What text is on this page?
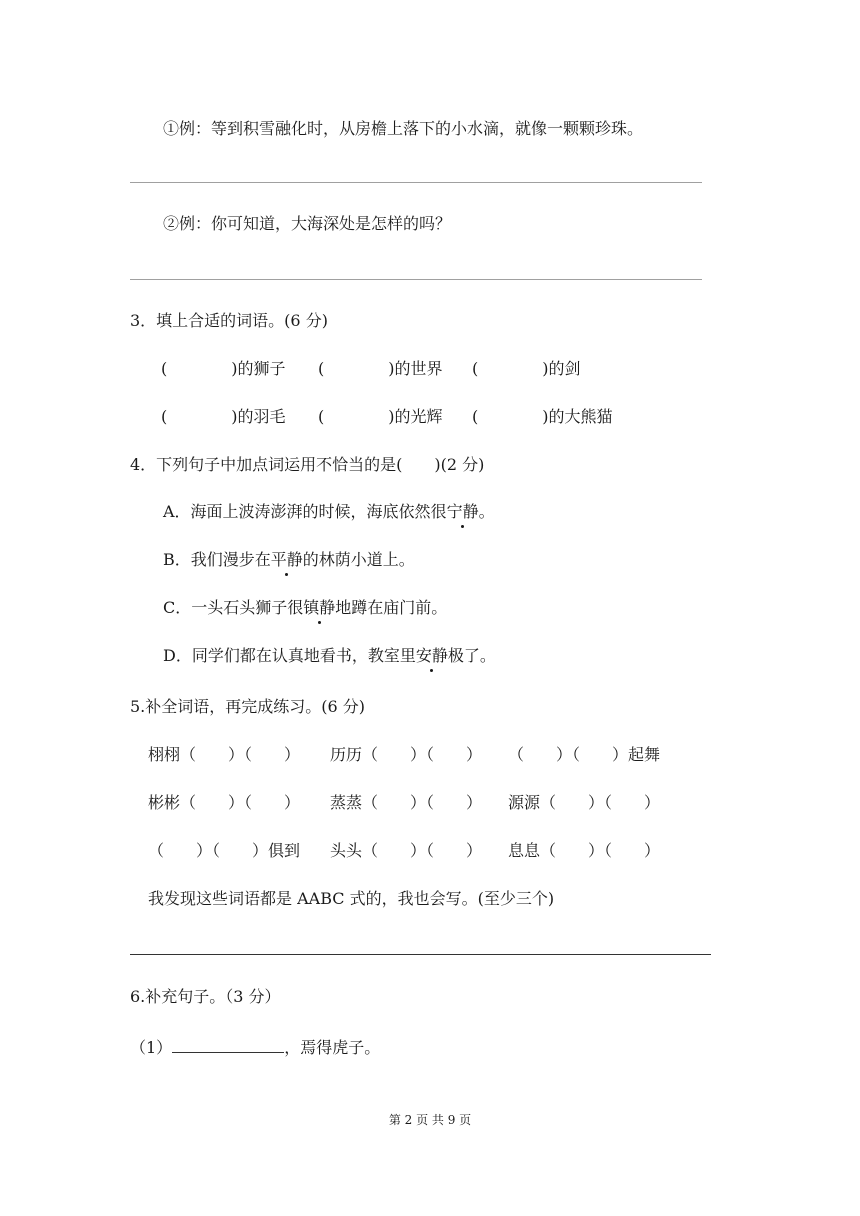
①例：等到积雪融化时，从房檐上落下的小水滴，就像一颗颗珍珠。
②例：你可知道，大海深处是怎样的吗？
3．填上合适的词语。(6 分)
(　　　　)的狮子 (　　　　)的世界 (　　　　)的剑
(　　　　)的羽毛 (　　　　)的光辉 (　　　　)的大熊猫
4．下列句子中加点词运用不恰当的是(　　)(2 分)
A．海面上波涛澎湃的时候，海底依然很宁静。
B．我们漫步在平静的林荫小道上。
C．一头石头狮子很镇静地蹲在庙门前。
D．同学们都在认真地看书，教室里安静极了。
5.补全词语，再完成练习。(6 分)
栩栩（　　）（　　） 历历（　　）（　　） （　　）（　　）起舞
彬彬（　　）（　　） 蒸蒸（　　）（　　） 源源（　　）（　　）
（　　）（　　）俱到 头头（　　）（　　） 息息（　　）（　　）
我发现这些词语都是 AABC 式的，我也会写。(至少三个)
6.补充句子。（3 分）
（1）	，焉得虎子。
第 2 页 共 9 页
